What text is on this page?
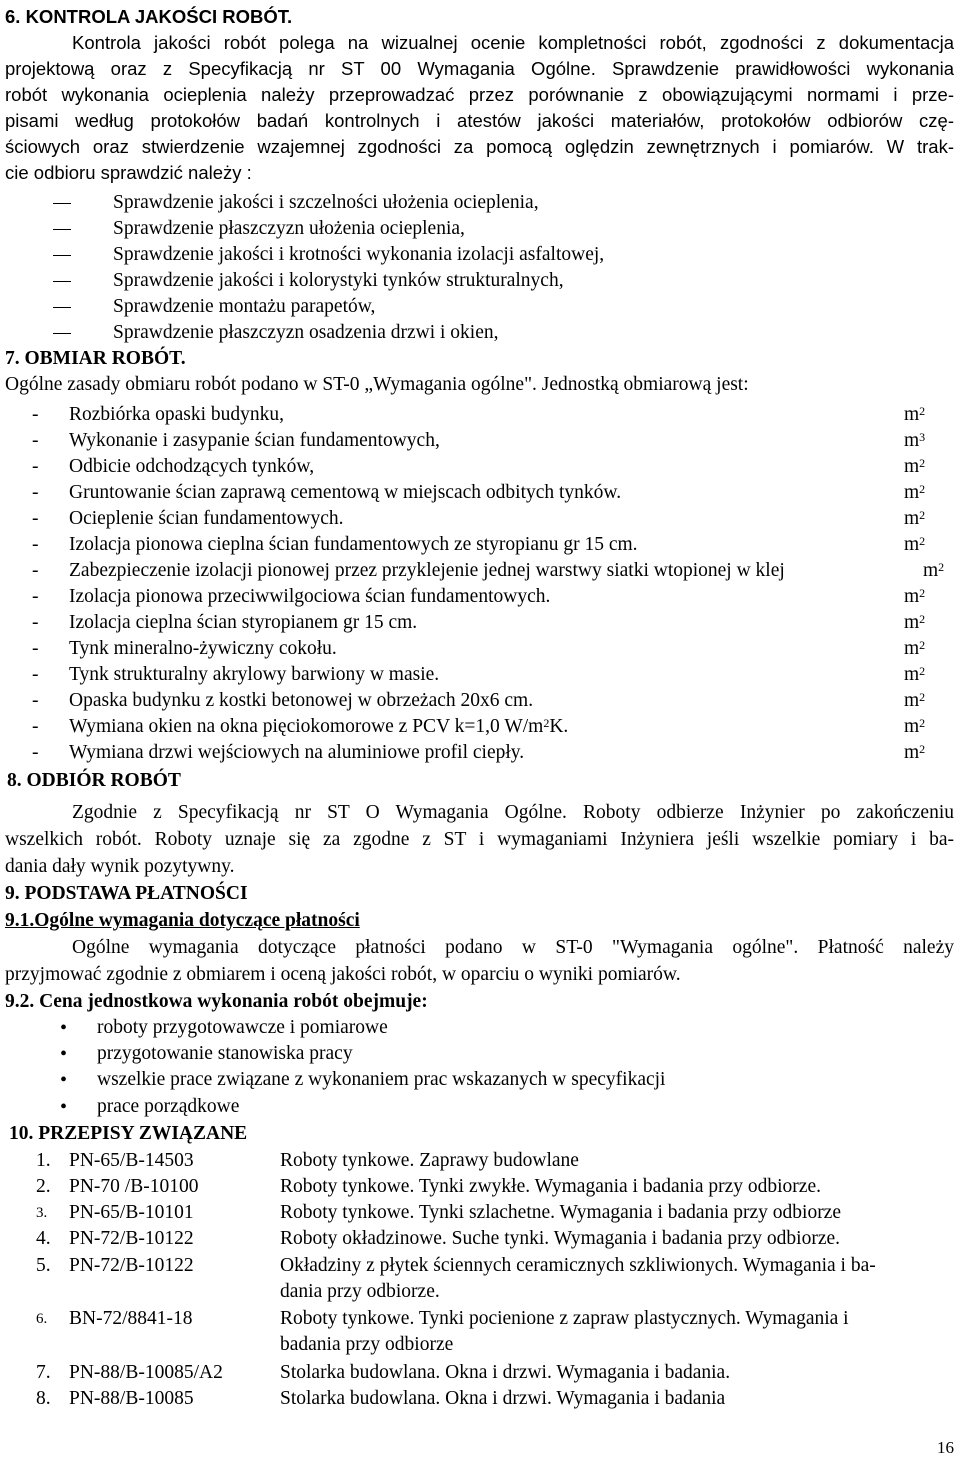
6. KONTROLA JAKOŚCI ROBÓT.
Kontrola jakości robót polega na wizualnej ocenie kompletności robót, zgodności z dokumentacja
projektową oraz z Specyfikacją nr ST 00 Wymagania Ogólne. Sprawdzenie prawidłowości wykonania
robót wykonania ocieplenia należy przeprowadzać przez porównanie z obowiązującymi normami i prze-
pisami według protokołów badań kontrolnych i atestów jakości materiałów, protokołów odbiorów czę-
ściowych oraz stwierdzenie wzajemnej zgodności za pomocą oględzin zewnętrznych i pomiarów. W trak-
cie odbioru sprawdzić należy :
Sprawdzenie jakości i szczelności ułożenia ocieplenia,
Sprawdzenie płaszczyzn ułożenia ocieplenia,
Sprawdzenie jakości i krotności wykonania izolacji asfaltowej,
Sprawdzenie jakości i kolorystyki tynków strukturalnych,
Sprawdzenie montażu parapetów,
Sprawdzenie płaszczyzn osadzenia drzwi i okien,
7. OBMIAR ROBÓT.
Ogólne zasady obmiaru robót podano w ST-0 „Wymagania ogólne". Jednostką obmiarową jest:
- Rozbiórka opaski budynku,	$m^2$
- Wykonanie i zasypanie ścian fundamentowych,	$m^3$
- Odbicie odchodzących tynków,	$m^2$
- Gruntowanie ścian zaprawą cementową w miejscach odbitych tynków.	$m^2$
- Ocieplenie ścian fundamentowych.	$m^2$
- Izolacja pionowa cieplna ścian fundamentowych ze styropianu gr 15 cm.	$m^2$
- Zabezpieczenie izolacji pionowej przez przyklejenie jednej warstwy siatki wtopionej w klej	$m^2$
- Izolacja pionowa przeciwwilgociowa ścian fundamentowych.	$m^2$
- Izolacja cieplna ścian styropianem gr 15 cm.	$m^2$
- Tynk mineralno-żywiczny cokołu.	$m^2$
- Tynk strukturalny akrylowy barwiony w masie.	$m^2$
- Opaska budynku z kostki betonowej w obrzeżach 20x6 cm.	$m^2$
- Wymiana okien na okna pięciokomorowe z PCV k=1,0 $W/m^2K$.	$m^2$
- Wymiana drzwi wejściowych na aluminiowe profil ciepły.	$m^2$
8. ODBIÓR ROBÓT
Zgodnie z Specyfikacją nr ST O Wymagania Ogólne. Roboty odbierze Inżynier po zakończeniu
wszelkich robót. Roboty uznaje się za zgodne z ST i wymaganiami Inżyniera jeśli wszelkie pomiary i ba-
dania dały wynik pozytywny.
9. PODSTAWA PŁATNOŚCI
9.1.Ogólne wymagania dotyczące płatności
Ogólne wymagania dotyczące płatności podano w ST-0 "Wymagania ogólne". Płatność należy
przyjmować zgodnie z obmiarem i oceną jakości robót, w oparciu o wyniki pomiarów.
9.2. Cena jednostkowa wykonania robót obejmuje:
• roboty przygotowawcze i pomiarowe
• przygotowanie stanowiska pracy
• wszelkie prace związane z wykonaniem prac wskazanych w specyfikacji
• prace porządkowe
10. PRZEPISY ZWIĄZANE
1. PN-65/B-14503	Roboty tynkowe. Zaprawy budowlane
2. PN-70 /B-10100	Roboty tynkowe. Tynki zwykłe. Wymagania i badania przy odbiorze.
3. PN-65/B-10101	Roboty tynkowe. Tynki szlachetne. Wymagania i badania przy odbiorze
4. PN-72/B-10122	Roboty okładzinowe. Suche tynki. Wymagania i badania przy odbiorze.
5. PN-72/B-10122	Okładziny z płytek ściennych ceramicznych szkliwionych. Wymagania i ba-
dania przy odbiorze.
6. BN-72/8841-18	Roboty tynkowe. Tynki pocienione z zapraw plastycznych. Wymagania i
badania przy odbiorze
7. PN-88/B-10085/A2	Stolarka budowlana. Okna i drzwi. Wymagania i badania.
8. PN-88/B-10085	Stolarka budowlana. Okna i drzwi. Wymagania i badania
16
